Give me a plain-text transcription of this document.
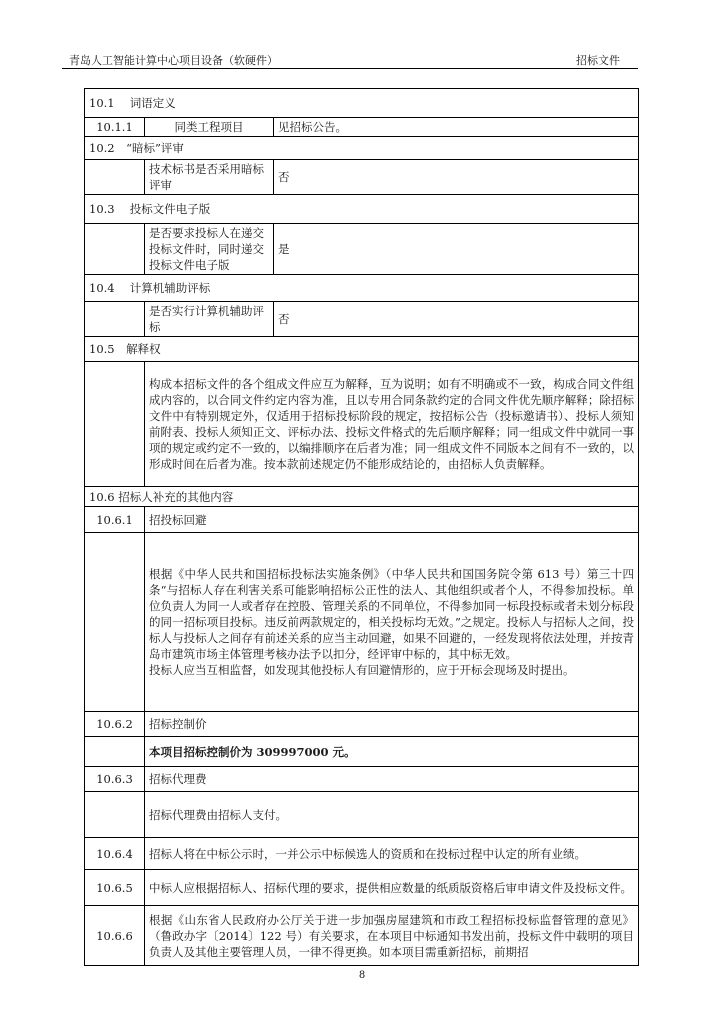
青岛人工智能计算中心项目设备（软硬件）	招标文件
10.1　 词语定义		
10.1.1	同类工程项目	见招标公告。
10.2　“暗标”评审		
	技术标书是否采用暗标评审	否
10.3　 投标文件电子版		
	是否要求投标人在递交投标文件时，同时递交投标文件电子版	是
10.4　 计算机辅助评标		
	是否实行计算机辅助评标	否
10.5　解释权		
	构成本招标文件的各个组成文件应互为解释，互为说明；如有不明确或不一致，构成合同文件组成内容的，以合同文件约定内容为准，且以专用合同条款约定的合同文件优先顺序解释；除招标文件中有特别规定外，仅适用于招标投标阶段的规定，按招标公告（投标邀请书）、投标人须知前附表、投标人须知正文、评标办法、投标文件格式的先后顺序解释；同一组成文件中就同一事项的规定或约定不一致的，以编排顺序在后者为准；同一组成文件不同版本之间有不一致的，以形成时间在后者为准。按本款前述规定仍不能形成结论的，由招标人负责解释。	
10.6 招标人补充的其他内容		
10.6.1	招投标回避	

	根据《中华人民共和国招标投标法实施条例》（中华人民共和国国务院令第 613 号）第三十四条“与招标人存在利害关系可能影响招标公正性的法人、其他组织或者个人，不得参加投标。单位负责人为同一人或者存在控股、管理关系的不同单位，不得参加同一标段投标或者未划分标段的同一招标项目投标。违反前两款规定的，相关投标均无效。”之规定。投标人与招标人之间，投标人与投标人之间存有前述关系的应当主动回避，如果不回避的，一经发现将依法处理，并按青岛市建筑市场主体管理考核办法予以扣分，经评审中标的，其中标无效。
投标人应当互相监督，如发现其他投标人有回避情形的，应于开标会现场及时提出。	

10.6.2	招标控制价	
	本项目招标控制价为 309997000 元。	
10.6.3	招标代理费	
	招标代理费由招标人支付。	
10.6.4	招标人将在中标公示时，一并公示中标候选人的资质和在投标过程中认定的所有业绩。	
10.6.5	中标人应根据招标人、招标代理的要求，提供相应数量的纸质版资格后审申请文件及投标文件。	
10.6.6	根据《山东省人民政府办公厅关于进一步加强房屋建筑和市政工程招标投标监督管理的意见》（鲁政办字〔2014〕122 号）有关要求，在本项目中标通知书发出前，投标文件中载明的项目负责人及其他主要管理人员，一律不得更换。如本项目需重新招标，前期招	
8
